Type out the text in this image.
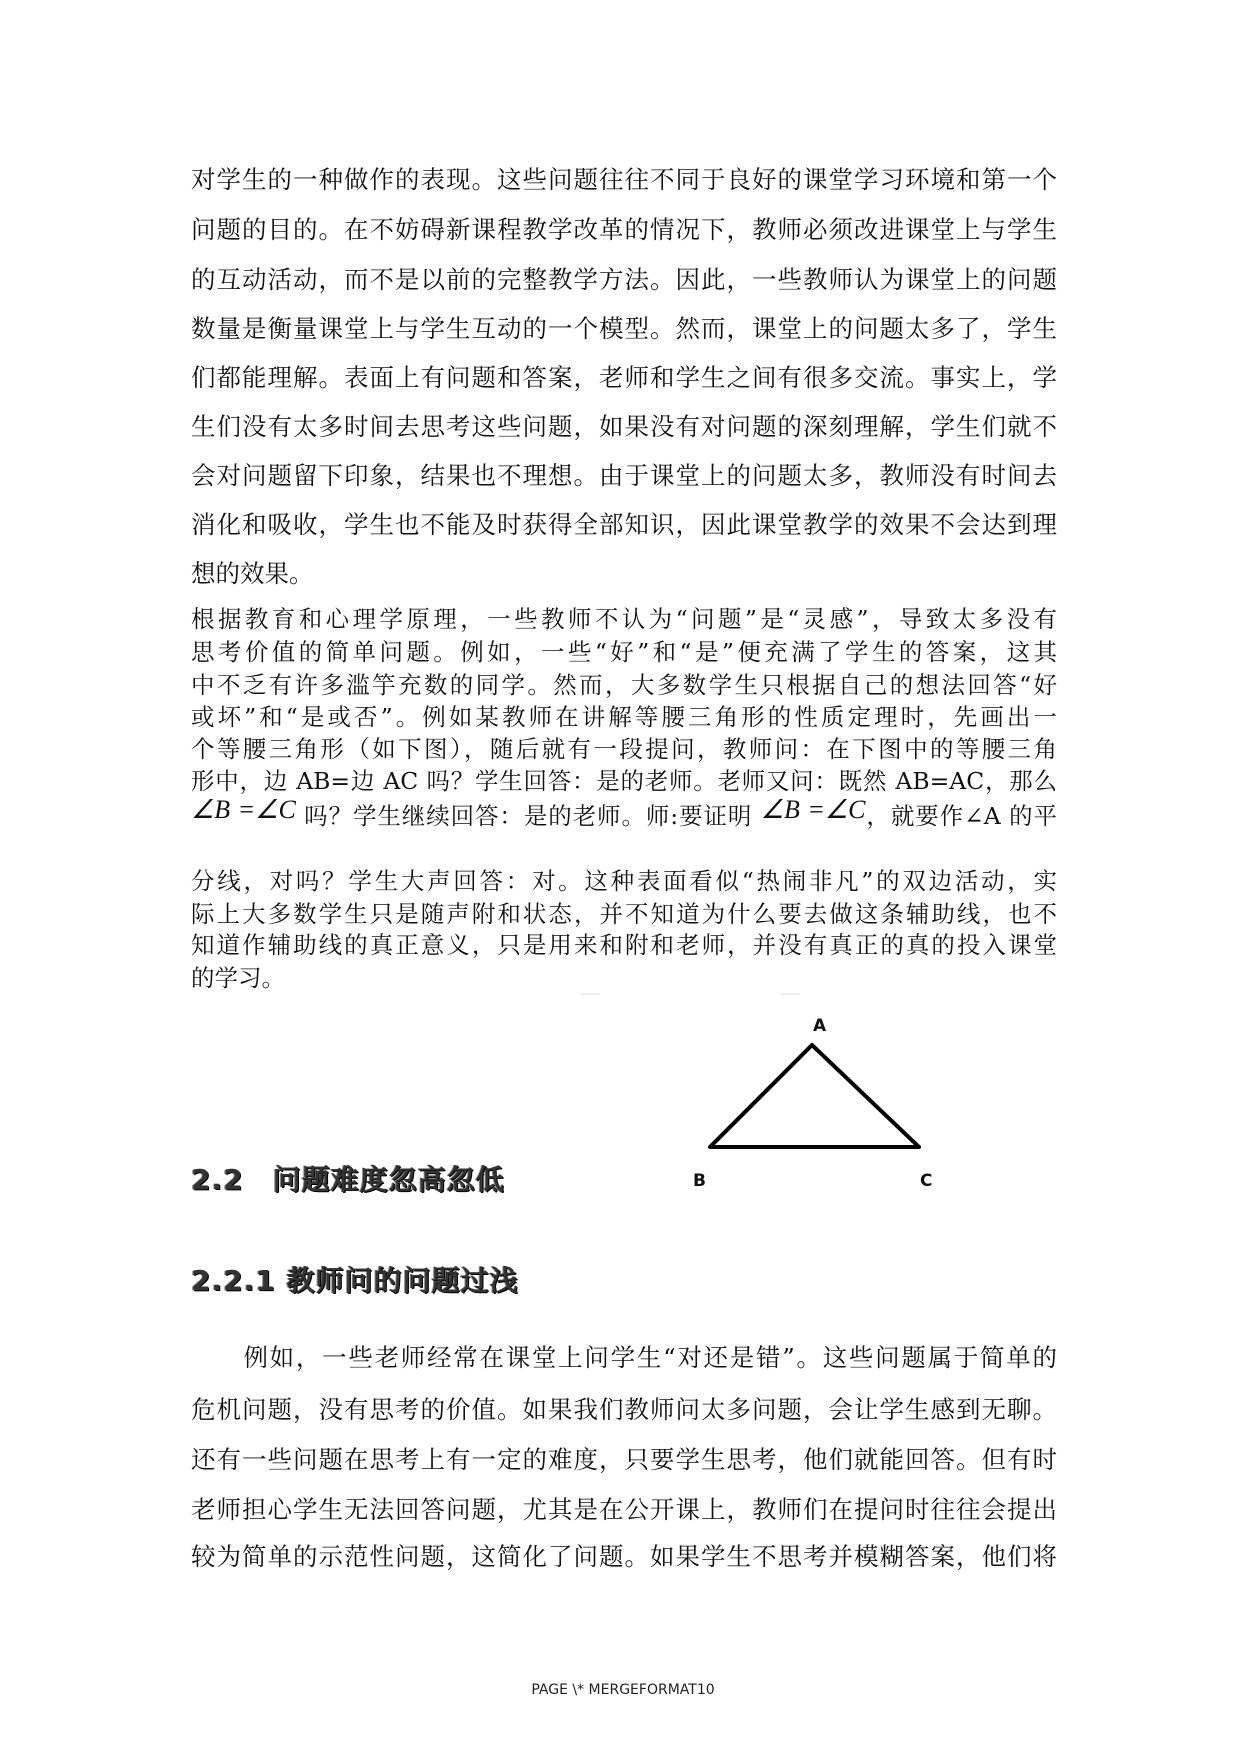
对学生的一种做作的表现。这些问题往往不同于良好的课堂学习环境和第一个
问题的目的。在不妨碍新课程教学改革的情况下，教师必须改进课堂上与学生
的互动活动，而不是以前的完整教学方法。因此，一些教师认为课堂上的问题
数量是衡量课堂上与学生互动的一个模型。然而，课堂上的问题太多了，学生
们都能理解。表面上有问题和答案，老师和学生之间有很多交流。事实上，学
生们没有太多时间去思考这些问题，如果没有对问题的深刻理解，学生们就不
会对问题留下印象，结果也不理想。由于课堂上的问题太多，教师没有时间去
消化和吸收，学生也不能及时获得全部知识，因此课堂教学的效果不会达到理
想的效果。
根据教育和心理学原理，一些教师不认为“问题”是“灵感”，导致太多没有
思考价值的简单问题。例如，一些“好”和“是”便充满了学生的答案，这其
中不乏有许多滥竽充数的同学。然而，大多数学生只根据自己的想法回答“好
或坏”和“是或否”。例如某教师在讲解等腰三角形的性质定理时，先画出一
个等腰三角形（如下图），随后就有一段提问，教师问：在下图中的等腰三角
形中，边 AB=边 AC 吗？学生回答：是的老师。老师又问：既然 AB=AC，那么
∠B =∠C 吗？学生继续回答：是的老师。师:要证明 ∠B =∠C，就要作∠A 的平
分线，对吗？学生大声回答：对。这种表面看似“热闹非凡”的双边活动，实
际上大多数学生只是随声附和状态，并不知道为什么要去做这条辅助线，也不
知道作辅助线的真正意义，只是用来和附和老师，并没有真正的真的投入课堂
的学习。
A
B	C
2.2　问题难度忽高忽低
2.2.1 教师问的问题过浅
　　例如，一些老师经常在课堂上问学生“对还是错”。这些问题属于简单的
危机问题，没有思考的价值。如果我们教师问太多问题，会让学生感到无聊。
还有一些问题在思考上有一定的难度，只要学生思考，他们就能回答。但有时
老师担心学生无法回答问题，尤其是在公开课上，教师们在提问时往往会提出
较为简单的示范性问题，这简化了问题。如果学生不思考并模糊答案，他们将
PAGE \* MERGEFORMAT10
